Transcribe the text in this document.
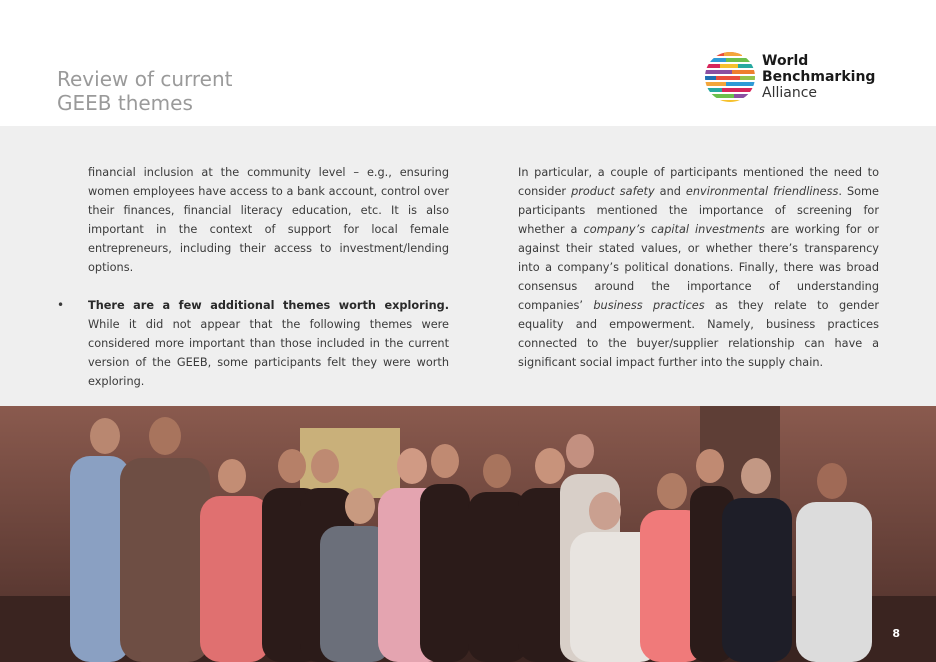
Review of current
GEEB themes
World
Benchmarking
Alliance

financial inclusion at the community level – e.g., ensuring women employees have access to a bank account, control over their finances, financial literacy education, etc. It is also important in the context of support for local female entrepreneurs, including their access to investment/lending options.

• There are a few additional themes worth exploring. While it did not appear that the following themes were considered more important than those included in the current version of the GEEB, some participants felt they were worth exploring.

In particular, a couple of participants mentioned the need to consider product safety and environmental friendliness. Some participants mentioned the importance of screening for whether a company’s capital investments are working for or against their stated values, or whether there’s transparency into a company’s political donations. Finally, there was broad consensus around the importance of understanding companies’ business practices as they relate to gender equality and empowerment. Namely, business practices connected to the buyer/supplier relationship can have a significant social impact further into the supply chain.

8
